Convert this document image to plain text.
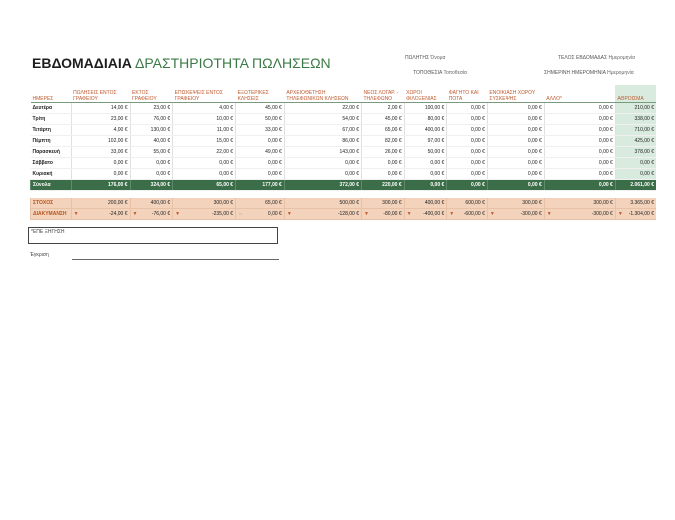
ΕΒΔΟΜΑΔΙΑΙΑ ΔΡΑΣΤΗΡΙΟΤΗΤΑ ΠΩΛΗΣΕΩΝ	ΠΩΛΗΤΗΣ Όνομα
ΤΟΠΟΘΕΣΙΑ Τοποθεσία
ΤΕΛΟΣ ΕΒΔΟΜΑΔΑΣ Ημερομηνία
ΣΗΜΕΡΙΝΗ ΗΜΕΡΟΜΗΝΙΑ Ημερομηνία
ΗΜΕΡΕΣ	ΠΩΛΗΣΕΙΣ ΕΝΤΟΣ ΓΡΑΦΕΙΟΥ	ΕΚΤΟΣ ΓΡΑΦΕΙΟΥ	ΕΠΙΣΚΕΨΕΙΣ ΕΝΤΟΣ ΓΡΑΦΕΙΟΥ	ΕΞΩΤΕΡΙΚΕΣ ΚΛΗΣΕΙΣ	ΑΡΧΕΙΟΘΕΤΗΣΗ ΤΗΛΕΦΩΝΙΚΩΝ ΚΛΗΣΕΩΝ	ΝΕΟΣ ΛΟΓΑΡ. - ΤΗΛΕΦΩΝΟ	ΧΩΡΟΙ ΦΙΛΟΞΕΝΙΑΣ	ΦΑΓΗΤΟ ΚΑΙ ΠΟΤΑ	ΕΝΟΙΚΙΑΣΗ ΧΩΡΟΥ ΣΥΣΚΕΨΗΣ	ΑΛΛΟ*	ΑΘΡΟΙΣΜΑ
Δευτέρα	14,00 €	23,00 €	4,00 €	45,00 €	22,00 €	2,00 €	100,00 €	0,00 €	0,00 €	0,00 €	210,00 €
Τρίτη	23,00 €	76,00 €	10,00 €	50,00 €	54,00 €	45,00 €	80,00 €	0,00 €	0,00 €	0,00 €	338,00 €
Τετάρτη	4,00 €	130,00 €	11,00 €	33,00 €	67,00 €	65,00 €	400,00 €	0,00 €	0,00 €	0,00 €	710,00 €
Πέμπτη	102,00 €	40,00 €	15,00 €	0,00 €	86,00 €	82,00 €	97,00 €	0,00 €	0,00 €	0,00 €	425,00 €
Παρασκευή	33,00 €	55,00 €	22,00 €	49,00 €	143,00 €	26,00 €	50,00 €	0,00 €	0,00 €	0,00 €	378,00 €
Σάββατο	0,00 €	0,00 €	0,00 €	0,00 €	0,00 €	0,00 €	0,00 €	0,00 €	0,00 €	0,00 €	0,00 €
Κυριακή	0,00 €	0,00 €	0,00 €	0,00 €	0,00 €	0,00 €	0,00 €	0,00 €	0,00 €	0,00 €	0,00 €
Σύνολα	176,00 €	324,00 €	65,00 €	177,00 €	372,00 €	220,00 €	0,00 €	0,00 €	0,00 €	0,00 €	2.061,00 €

ΣΤΟΧΟΣ	200,00 €	400,00 €	300,00 €	65,00 €	500,00 €	300,00 €	400,00 €	600,00 €	300,00 €	300,00 €	3.365,00 €
ΔΙΑΚΥΜΑΝΣΗ	▼ -24,00 €	▼ -76,00 €	▼ -235,00 €	⇔ 0,00 €	▼ -128,00 €	▼ -80,00 €	▼ -400,00 €	▼ -600,00 €	▼ -300,00 €	▼ -300,00 €	▼ -1.304,00 €
*ΕΠΕ ΞΗΓΗΣΗ
Έγκριση
